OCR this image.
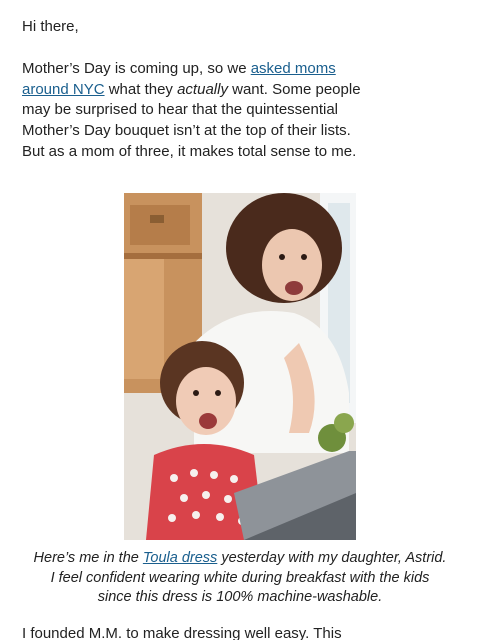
Hi there,

Mother’s Day is coming up, so we asked moms around NYC what they actually want. Some people may be surprised to hear that the quintessential Mother’s Day bouquet isn’t at the top of their lists. But as a mom of three, it makes total sense to me.

Here’s me in the Toula dress yesterday with my daughter, Astrid.
I feel confident wearing white during breakfast with the kids
since this dress is 100% machine-washable.

I founded M.M. to make dressing well easy. This
